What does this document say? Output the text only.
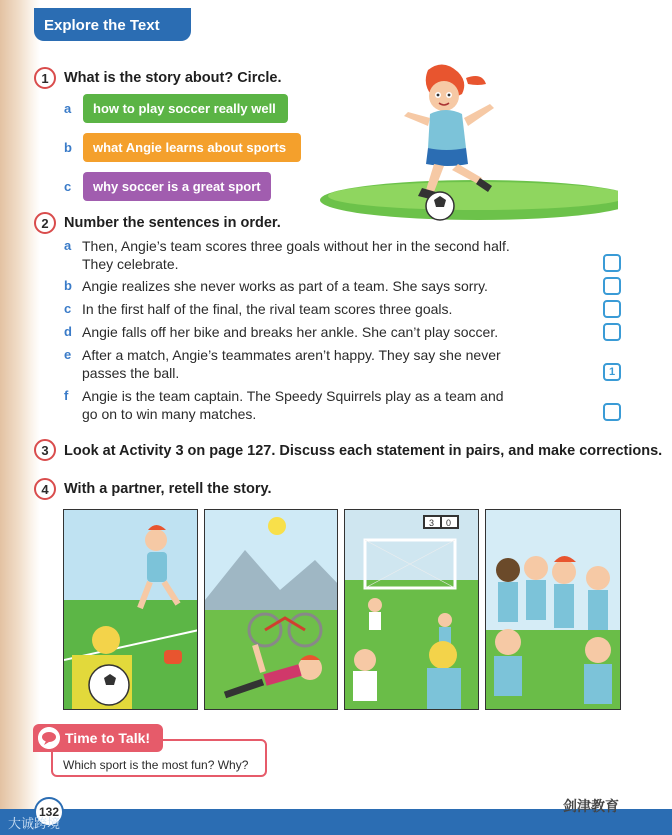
Explore the Text
1	What is the story about? Circle.
a how to play soccer really well
b what Angie learns about sports
c why soccer is a great sport
2	Number the sentences in order.
a Then, Angie’s team scores three goals without her in the second half.
They celebrate.
b Angie realizes she never works as part of a team. She says sorry.
c In the first half of the final, the rival team scores three goals.
d Angie falls off her bike and breaks her ankle. She can’t play soccer.
e After a match, Angie’s teammates aren’t happy. They say she never
passes the ball.	1
f Angie is the team captain. The Speedy Squirrels play as a team and
go on to win many matches.
3	Look at Activity 3 on page 127. Discuss each statement in pairs, and make corrections.
4	With a partner, retell the story.
3 0
Which sport is the most fun? Why?
Time to Talk!
132
大诚跨境
剑津教育
